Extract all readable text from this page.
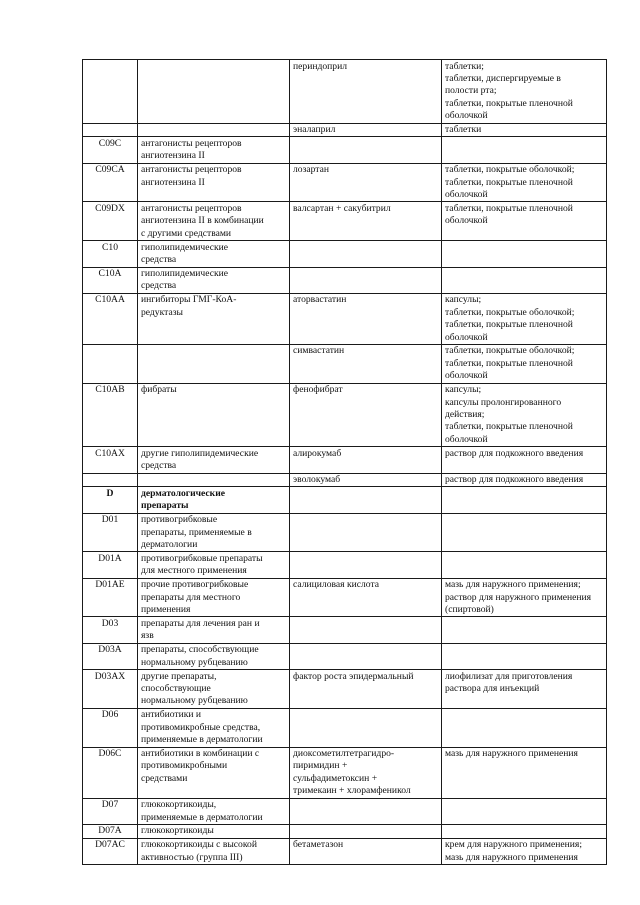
		периндоприл	таблетки;
таблетки, диспергируемые в
полости рта;
таблетки, покрытые пленочной
оболочкой
		эналаприл	таблетки
C09C	антагонисты рецепторов
ангиотензина II		
C09CA	антагонисты рецепторов
ангиотензина II	лозартан	таблетки, покрытые оболочкой;
таблетки, покрытые пленочной
оболочкой
C09DX	антагонисты рецепторов
ангиотензина II в комбинации
с другими средствами	валсартан + сакубитрил	таблетки, покрытые пленочной
оболочкой
C10	гиполипидемические
средства		
C10A	гиполипидемические
средства		
C10AA	ингибиторы ГМГ-КоА-
редуктазы	аторвастатин	капсулы;
таблетки, покрытые оболочкой;
таблетки, покрытые пленочной
оболочкой
		симвастатин	таблетки, покрытые оболочкой;
таблетки, покрытые пленочной
оболочкой
C10AB	фибраты	фенофибрат	капсулы;
капсулы пролонгированного
действия;
таблетки, покрытые пленочной
оболочкой
C10AX	другие гиполипидемические
средства	алирокумаб	раствор для подкожного введения
		эволокумаб	раствор для подкожного введения
D	дерматологические
препараты		
D01	противогрибковые
препараты, применяемые в
дерматологии		
D01A	противогрибковые препараты
для местного применения		
D01AE	прочие противогрибковые
препараты для местного
применения	салициловая кислота	мазь для наружного применения;
раствор для наружного применения
(спиртовой)
D03	препараты для лечения ран и
язв		
D03A	препараты, способствующие
нормальному рубцеванию		
D03AX	другие препараты,
способствующие
нормальному рубцеванию	фактор роста эпидермальный	лиофилизат для приготовления
раствора для инъекций
D06	антибиотики и
противомикробные средства,
применяемые в дерматологии		
D06C	антибиотики в комбинации с
противомикробными
средствами	диоксометилтетрагидро-
пиримидин +
сульфадиметоксин +
тримекаин + хлорамфеникол	мазь для наружного применения
D07	глюкокортикоиды,
применяемые в дерматологии		
D07A	глюкокортикоиды		
D07AC	глюкокортикоиды с высокой
активностью (группа III)	бетаметазон	крем для наружного применения;
мазь для наружного применения
